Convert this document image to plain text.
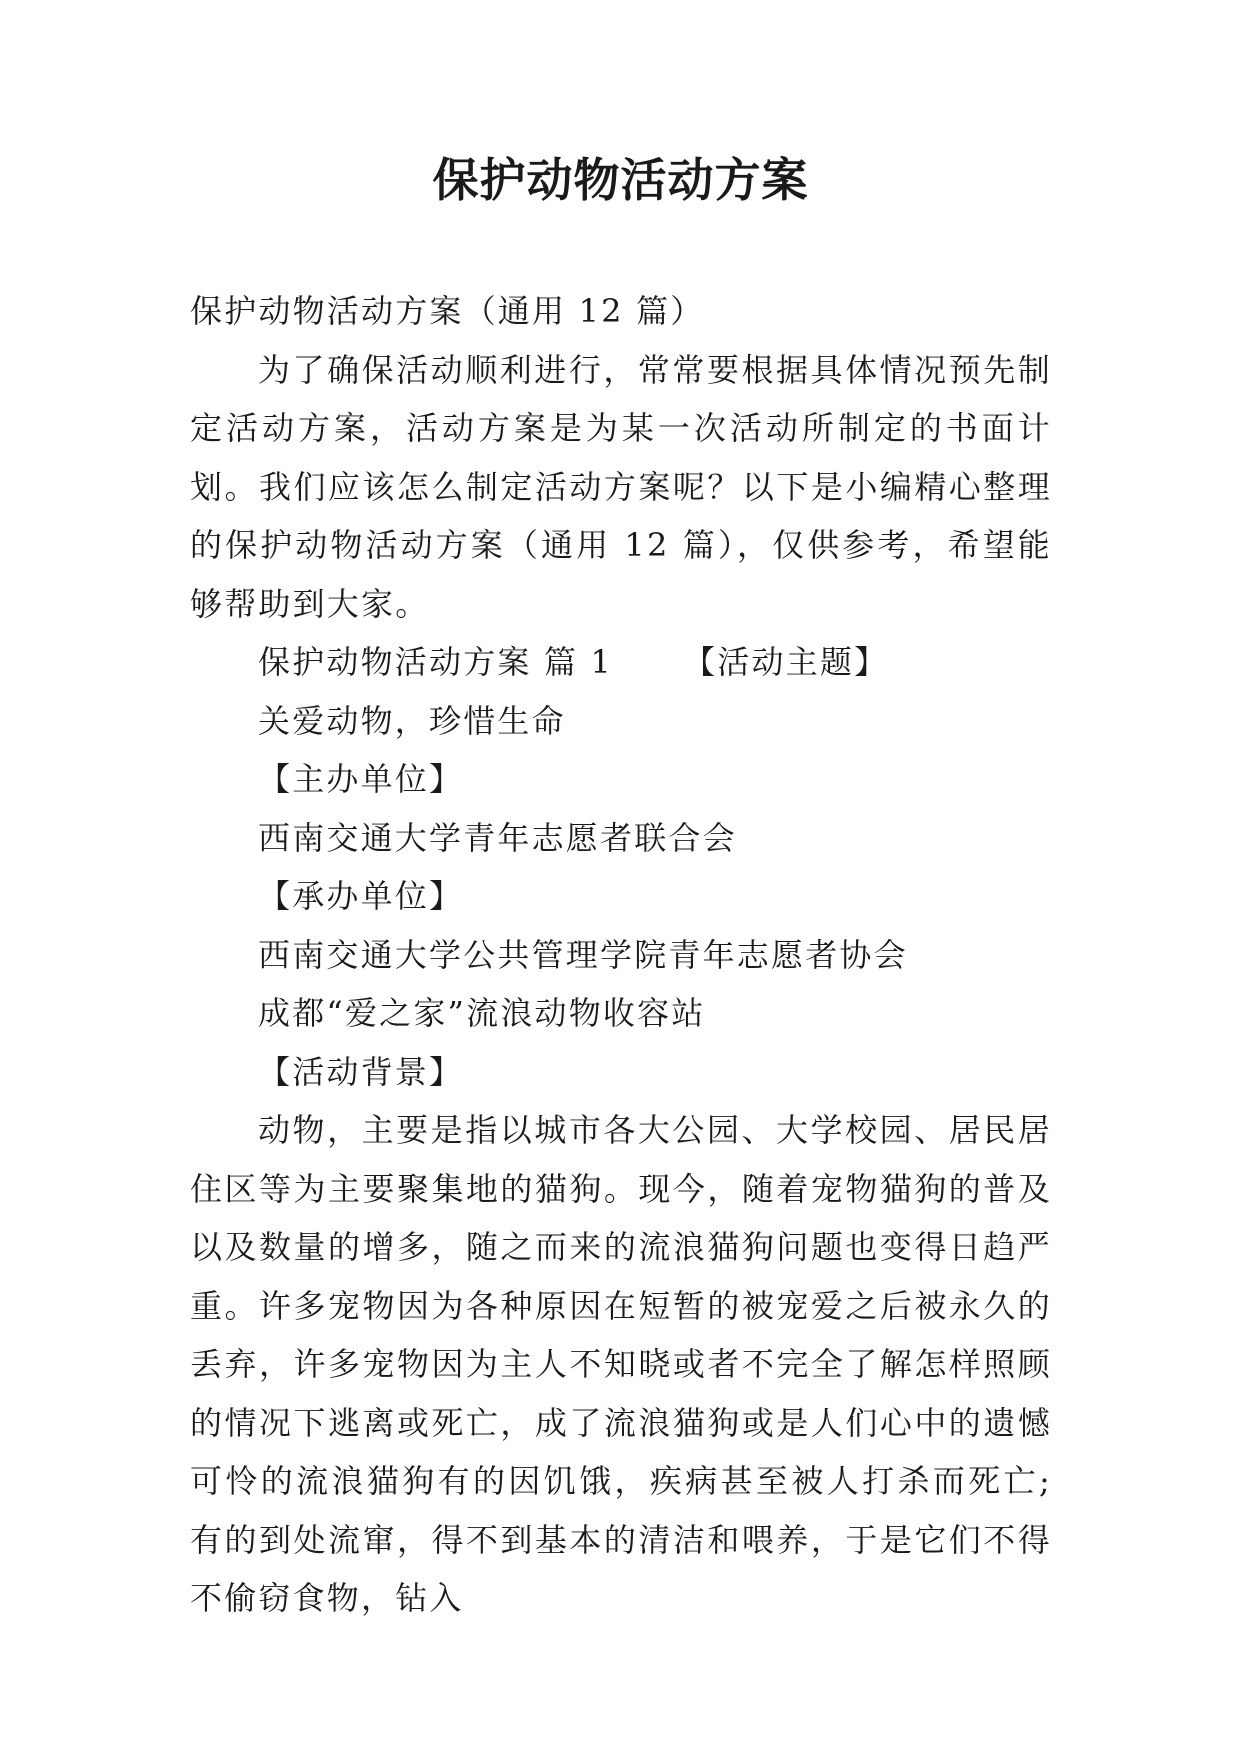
保护动物活动方案

保护动物活动方案（通用 12 篇）

为了确保活动顺利进行，常常要根据具体情况预先制定活动方案，活动方案是为某一次活动所制定的书面计划。我们应该怎么制定活动方案呢？以下是小编精心整理的保护动物活动方案（通用 12 篇），仅供参考，希望能够帮助到大家。

保护动物活动方案 篇 1 【活动主题】

关爱动物，珍惜生命

【主办单位】

西南交通大学青年志愿者联合会

【承办单位】

西南交通大学公共管理学院青年志愿者协会

成都“爱之家”流浪动物收容站

【活动背景】

动物，主要是指以城市各大公园、大学校园、居民居住区等为主要聚集地的猫狗。现今，随着宠物猫狗的普及以及数量的增多，随之而来的流浪猫狗问题也变得日趋严重。许多宠物因为各种原因在短暂的被宠爱之后被永久的丢弃，许多宠物因为主人不知晓或者不完全了解怎样照顾的情况下逃离或死亡，成了流浪猫狗或是人们心中的遗憾可怜的流浪猫狗有的因饥饿，疾病甚至被人打杀而死亡;有的到处流窜，得不到基本的清洁和喂养，于是它们不得不偷窃食物，钻入
